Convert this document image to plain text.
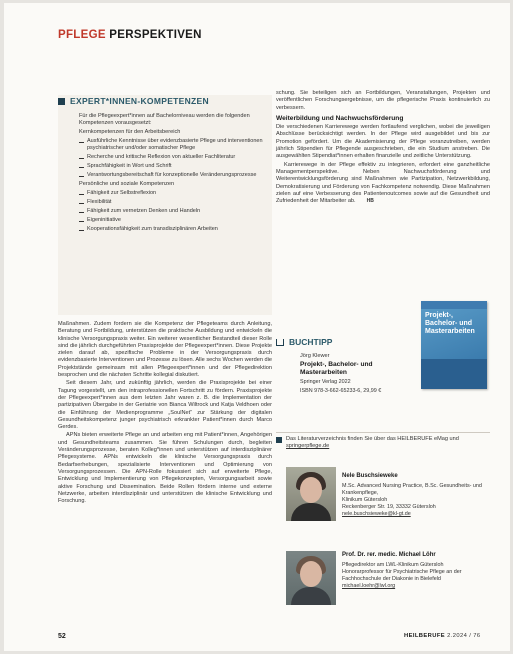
PFLEGE PERSPEKTIVEN
EXPERT*INNEN-KOMPETENZEN
Für die Pflegeexpert*innen auf Bachelorniveau werden die folgenden Kompetenzen vorausgesetzt:
Kernkompetenzen für den Arbeitsbereich
Ausführliche Kenntnisse über evidenzbasierte Pflege und interventionen psychiatrischer und/oder somatischer Pflege
Recherche und kritische Reflexion von aktueller Fachliteratur
Sprachfähigkeit in Wort und Schrift
Verantwortungsbereitschaft für konzeptionelle Veränderungsprozesse
Persönliche und soziale Kompetenzen
Fähigkeit zur Selbstreflexion
Flexibilität
Fähigkeit zum vernetzen Denken und Handeln
Eigeninitiative
Kooperationsfähigkeit zum transdisziplinären Arbeiten

Maßnahmen. Zudem fordern sie die Kompetenz der Pflegeteams durch Anleitung, Beratung und Fortbildung, unterstützen die praktische Ausbildung und entwickeln die klinische Versorgungspraxis weiter. Ein weiterer wesentlicher Bestandteil dieser Rolle sind die jährlich durchgeführten Praxisprojekte der Pflegeexpert*innen. Diese Projekte zielen darauf ab, spezifische Probleme in der Versorgungspraxis durch evidenzbasierte Interventionen und Prozesse zu lösen. Alle sechs Wochen werden die Projektstände gemeinsam mit allen Pflegeexpert*innen und der Pflegedirektion besprochen und die nächsten Schritte kollegial diskutiert.

Seit diesem Jahr, und zukünftig jährlich, werden die Praxisprojekte bei einer Tagung vorgestellt, um den intraprofessionellen Fortschritt zu fördern. Praxisprojekte der Pflegeexpert*innen aus dem letzten Jahr waren z. B. die Implementation der partizipativen Übergabe in der Geriatrie von Bianca Wiltrock und Katja Veldhoen oder die Einführung der Medienprogramme „SoulNet“ zur Stärkung der digitalen Gesundheitskompetenz junger psychiatrisch erkrankter Patient*innen durch Marco Gerdes.

APNs bieten erweiterte Pflege an und arbeiten eng mit Patient*innen, Angehörigen und Gesundheitsteams zusammen. Sie führen Schulungen durch, begleiten Veränderungsprozesse, beraten Kolleg*innen und unterstützen auf interdisziplinärer Pflegesysteme. APNs entwickeln die klinische Versorgungspraxis durch Bedarfserhebungen, spezialisierte Interventionen und Optimierung von Versorgungsprozessen. Die APN-Rolle fokussiert sich auf erweiterte Pflege, Entwicklung und Implementierung von Pflegekonzepten, Versorgungsarbeit sowie aktive Forschung und Dissemination. Beide Rollen fördern interne und externe Netzwerke, arbeiten interdisziplinär und unterstützen die klinische Entwicklung und Forschung.

schung. Sie beteiligen sich an Fortbildungen, Veranstaltungen, Projekten und veröffentlichen Forschungsergebnisse, um die pflegerische Praxis kontinuierlich zu verbessern.

Weiterbildung und Nachwuchsförderung

Die verschiedenen Karrierewege werden fortlaufend verglichen, wobei die jeweiligen Abschlüsse berücksichtigt werden. In der Pflege wird ausgebildet und bis zur Promotion gefördert. Um die Akademisierung der Pflege voranzutreiben, werden jährlich Stipendien für Pflegende ausgeschrieben, die ein Studium anstreben. Die ausgewählten Stipendiat*innen erhalten finanzielle und zeitliche Unterstützung.

Karrierewege in der Pflege effektiv zu integrieren, erfordert eine ganzheitliche Managementperspektive. Neben Nachwuchsförderung und Weiterentwicklungsförderung sind Maßnahmen wie Partizipation, Netzwerkbildung, Demokratisierung und Förderung von Fachkompetenz notwendig. Diese Maßnahmen zielen auf eine Verbesserung des Patientenoutcomes sowie auf die Gesundheit und Zufriedenheit der Mitarbeiter ab. HB

Projekt-, Bachelor- und Masterarbeiten
BUCHTIPP
Jörg Klewer
Projekt-, Bachelor- und Masterarbeiten
Springer Verlag 2022
ISBN 978-3-662-65233-6, 29,99 €
Das Literaturverzeichnis finden Sie über das HEILBERUFE eMag und springerpflege.de
Nele Buschsieweke
M.Sc. Advanced Nursing Practice, B.Sc. Gesundheits- und Krankenpflege,
Klinikum Gütersloh
Reckenberger Str. 19, 33332 Gütersloh
nele.buschsieweke@kl-gt.de
Prof. Dr. rer. medic. Michael Löhr
Pflegedirektor am LWL-Klinikum Gütersloh
Honorarprofessor für Psychiatrische Pflege an der
Fachhochschule der Diakonie in Bielefeld
michael.loehr@lwl.org
52	HEILBERUFE 2.2024 / 76
